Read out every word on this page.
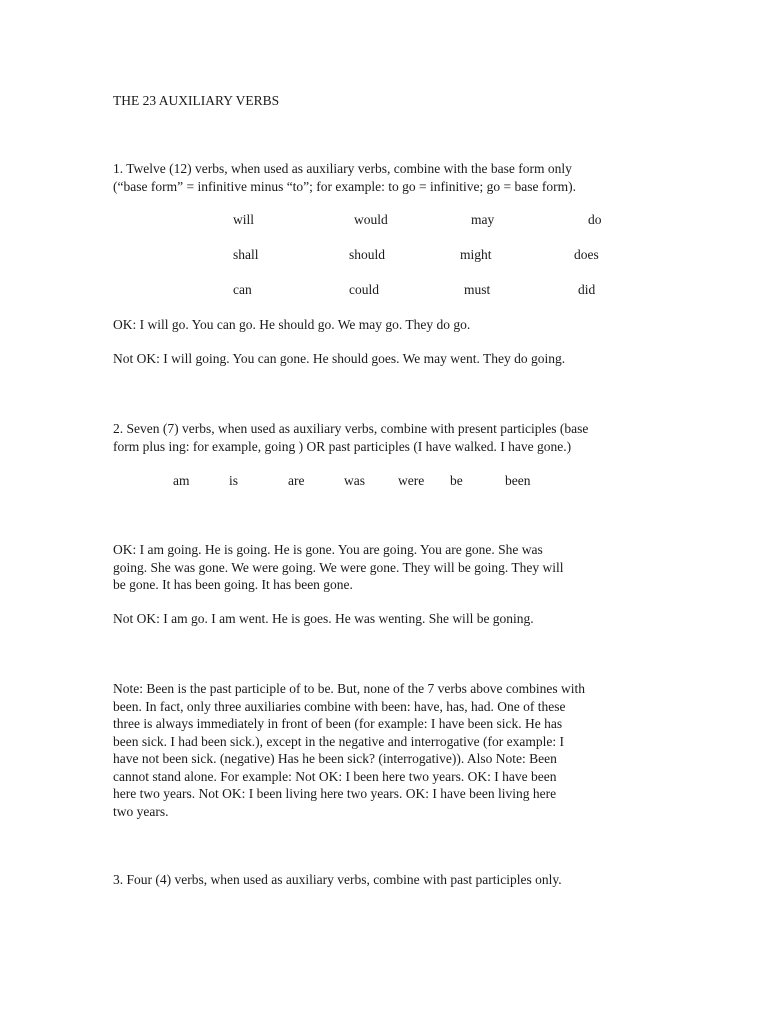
THE 23 AUXILIARY VERBS
1. Twelve (12) verbs, when used as auxiliary verbs, combine with the base form only
(“base form” = infinitive minus “to”; for example: to go = infinitive; go = base form).
will	would	may	do
shall	should	might	does
can	could	must	did
OK: I will go. You can go. He should go. We may go. They do go.
Not OK: I will going. You can gone. He should goes. We may went. They do going.
2. Seven (7) verbs, when used as auxiliary verbs, combine with present participles (base
form plus ing: for example, going ) OR past participles (I have walked. I have gone.)
am	is	are	was were be	been
OK: I am going. He is going. He is gone. You are going. You are gone. She was
going. She was gone. We were going. We were gone. They will be going. They will
be gone. It has been going. It has been gone.
Not OK: I am go. I am went. He is goes. He was wenting. She will be goning.
Note: Been is the past participle of to be. But, none of the 7 verbs above combines with
been. In fact, only three auxiliaries combine with been: have, has, had. One of these
three is always immediately in front of been (for example: I have been sick. He has
been sick. I had been sick.), except in the negative and interrogative (for example: I
have not been sick. (negative) Has he been sick? (interrogative)). Also Note: Been
cannot stand alone. For example: Not OK: I been here two years. OK: I have been
here two years. Not OK: I been living here two years. OK: I have been living here
two years.
3. Four (4) verbs, when used as auxiliary verbs, combine with past participles only.
